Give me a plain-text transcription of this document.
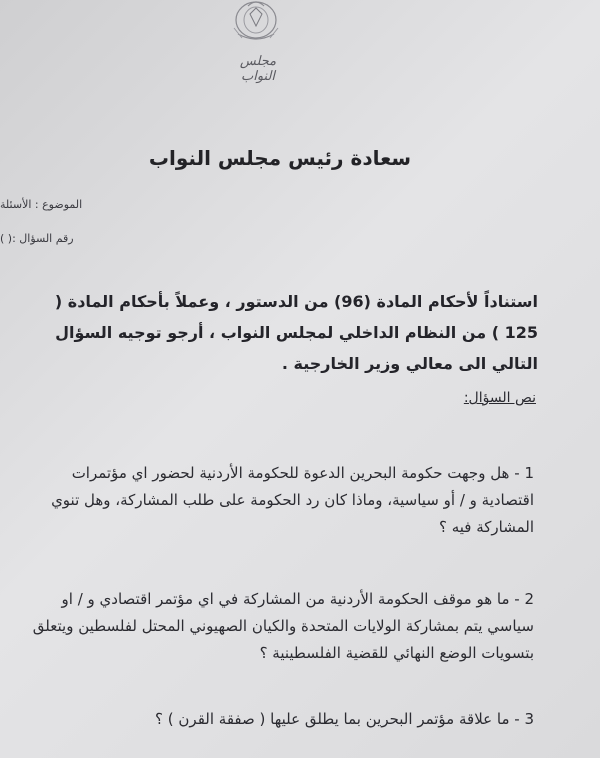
مجلس النواب
سعادة رئيس مجلس النواب
الموضوع : الأسئلة
رقم السؤال :( )
استناداً لأحكام المادة (96) من الدستور ، وعملاً بأحكام المادة ( 125 ) من النظام الداخلي لمجلس النواب ، أرجو توجيه السؤال التالي الى معالي وزير الخارجية .
نص السؤال:
1 - هل وجهت حكومة البحرين الدعوة للحكومة الأردنية لحضور اي مؤتمرات اقتصادية و / أو سياسية، وماذا كان رد الحكومة على طلب المشاركة، وهل تنوي المشاركة فيه ؟
2 - ما هو موقف الحكومة الأردنية من المشاركة في اي مؤتمر اقتصادي و / او سياسي يتم بمشاركة الولايات المتحدة والكيان الصهيوني المحتل لفلسطين ويتعلق بتسويات الوضع النهائي للقضية الفلسطينية ؟
3 - ما علاقة مؤتمر البحرين بما يطلق عليها ( صفقة القرن ) ؟
